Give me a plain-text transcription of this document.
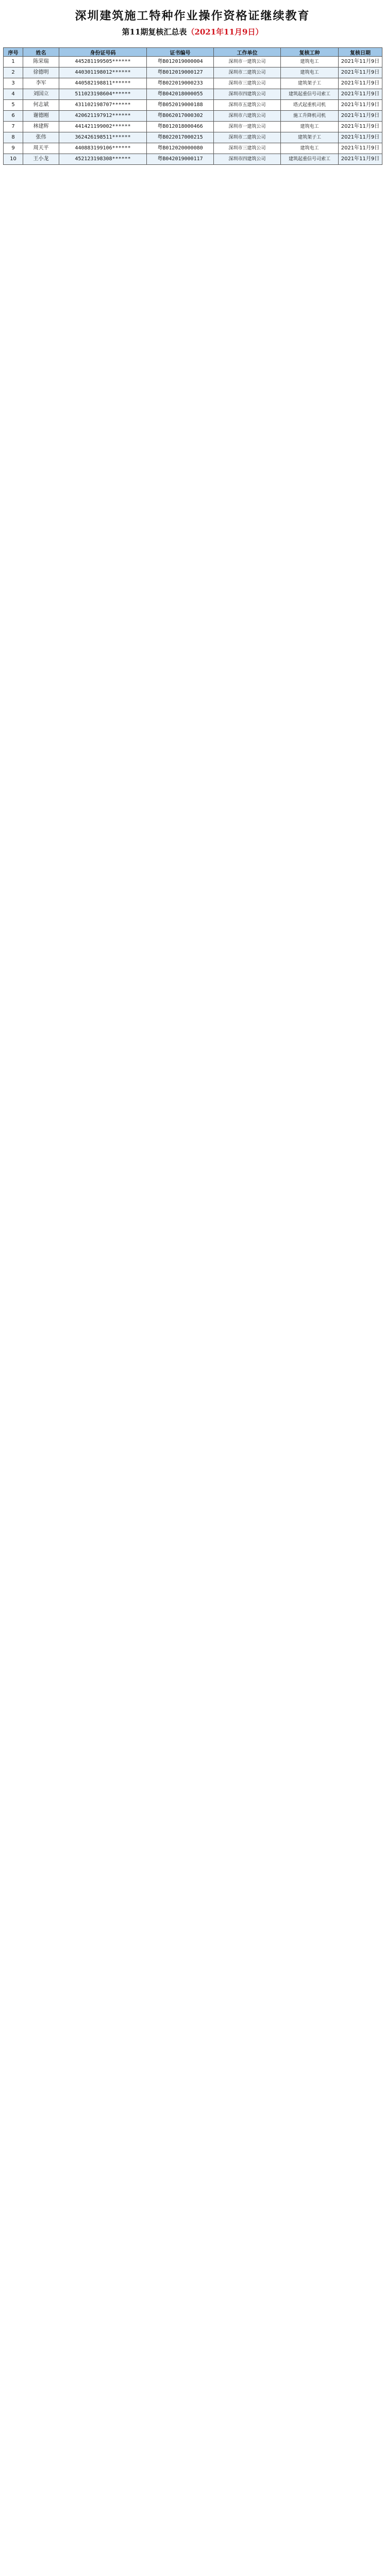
深圳建筑施工特种作业操作资格证继续教育
第11期复核汇总表（2021年11月9日）
序号	姓名	身份证号码	证书编号	工作单位	复核工种	复核日期
1	陈荣瑞	445281199505******	粤B012019000004	深圳市一建筑公司	建筑电工	2021年11月9日
2	徐德明	440301198012******	粤B012019000127	深圳市二建筑公司	建筑电工	2021年11月9日
3	李军	440582198811******	粤B022019000233	深圳市三建筑公司	建筑架子工	2021年11月9日
4	刘国立	511023198604******	粤B042018000055	深圳市四建筑公司	建筑起重信号司索工	2021年11月9日
5	何志斌	431102198707******	粤B052019000188	深圳市五建筑公司	塔式起重机司机	2021年11月9日
6	谢德刚	420621197912******	粤B062017000302	深圳市六建筑公司	施工升降机司机	2021年11月9日
7	林建辉	441421199002******	粤B012018000466	深圳市一建筑公司	建筑电工	2021年11月9日
8	张伟	362426198511******	粤B022017000215	深圳市二建筑公司	建筑架子工	2021年11月9日
9	周天平	440883199106******	粤B012020000080	深圳市三建筑公司	建筑电工	2021年11月9日
10	王小龙	452123198308******	粤B042019000117	深圳市四建筑公司	建筑起重信号司索工	2021年11月9日
